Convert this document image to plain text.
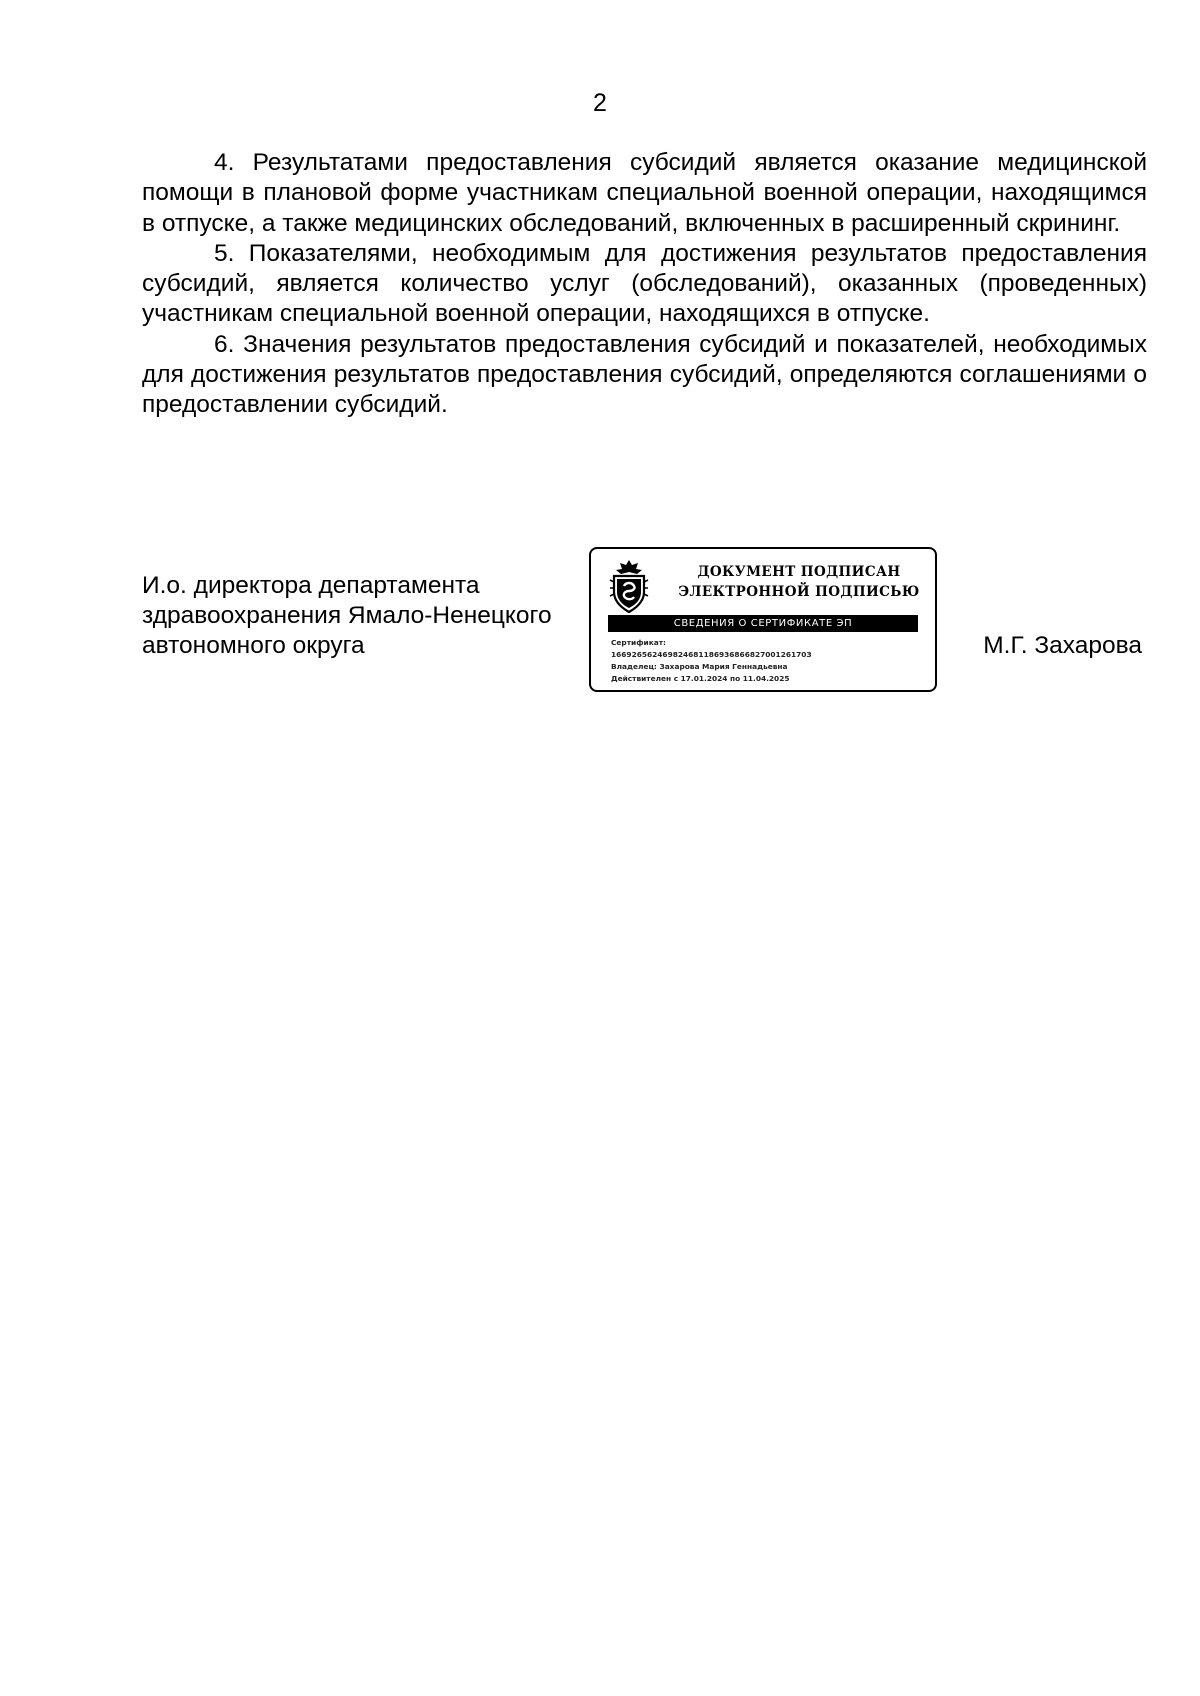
2

4. Результатами предоставления субсидий является оказание медицинской помощи в плановой форме участникам специальной военной операции, находящимся в отпуске, а также медицинских обследований, включенных в расширенный скрининг.

5. Показателями, необходимым для достижения результатов предоставления субсидий, является количество услуг (обследований), оказанных (проведенных) участникам специальной военной операции, находящихся в отпуске.

6. Значения результатов предоставления субсидий и показателей, необходимых для достижения результатов предоставления субсидий, определяются соглашениями о предоставлении субсидий.

И.о. директора департамента
здравоохранения Ямало-Ненецкого
автономного округа
ДОКУМЕНТ ПОДПИСАН
ЭЛЕКТРОННОЙ ПОДПИСЬЮ
СВЕДЕНИЯ О СЕРТИФИКАТЕ ЭП
Сертификат:
16692656246982468118693686682700126170З
Владелец: Захарова Мария Геннадьевна
Действителен с 17.01.2024 по 11.04.2025
М.Г. Захарова
